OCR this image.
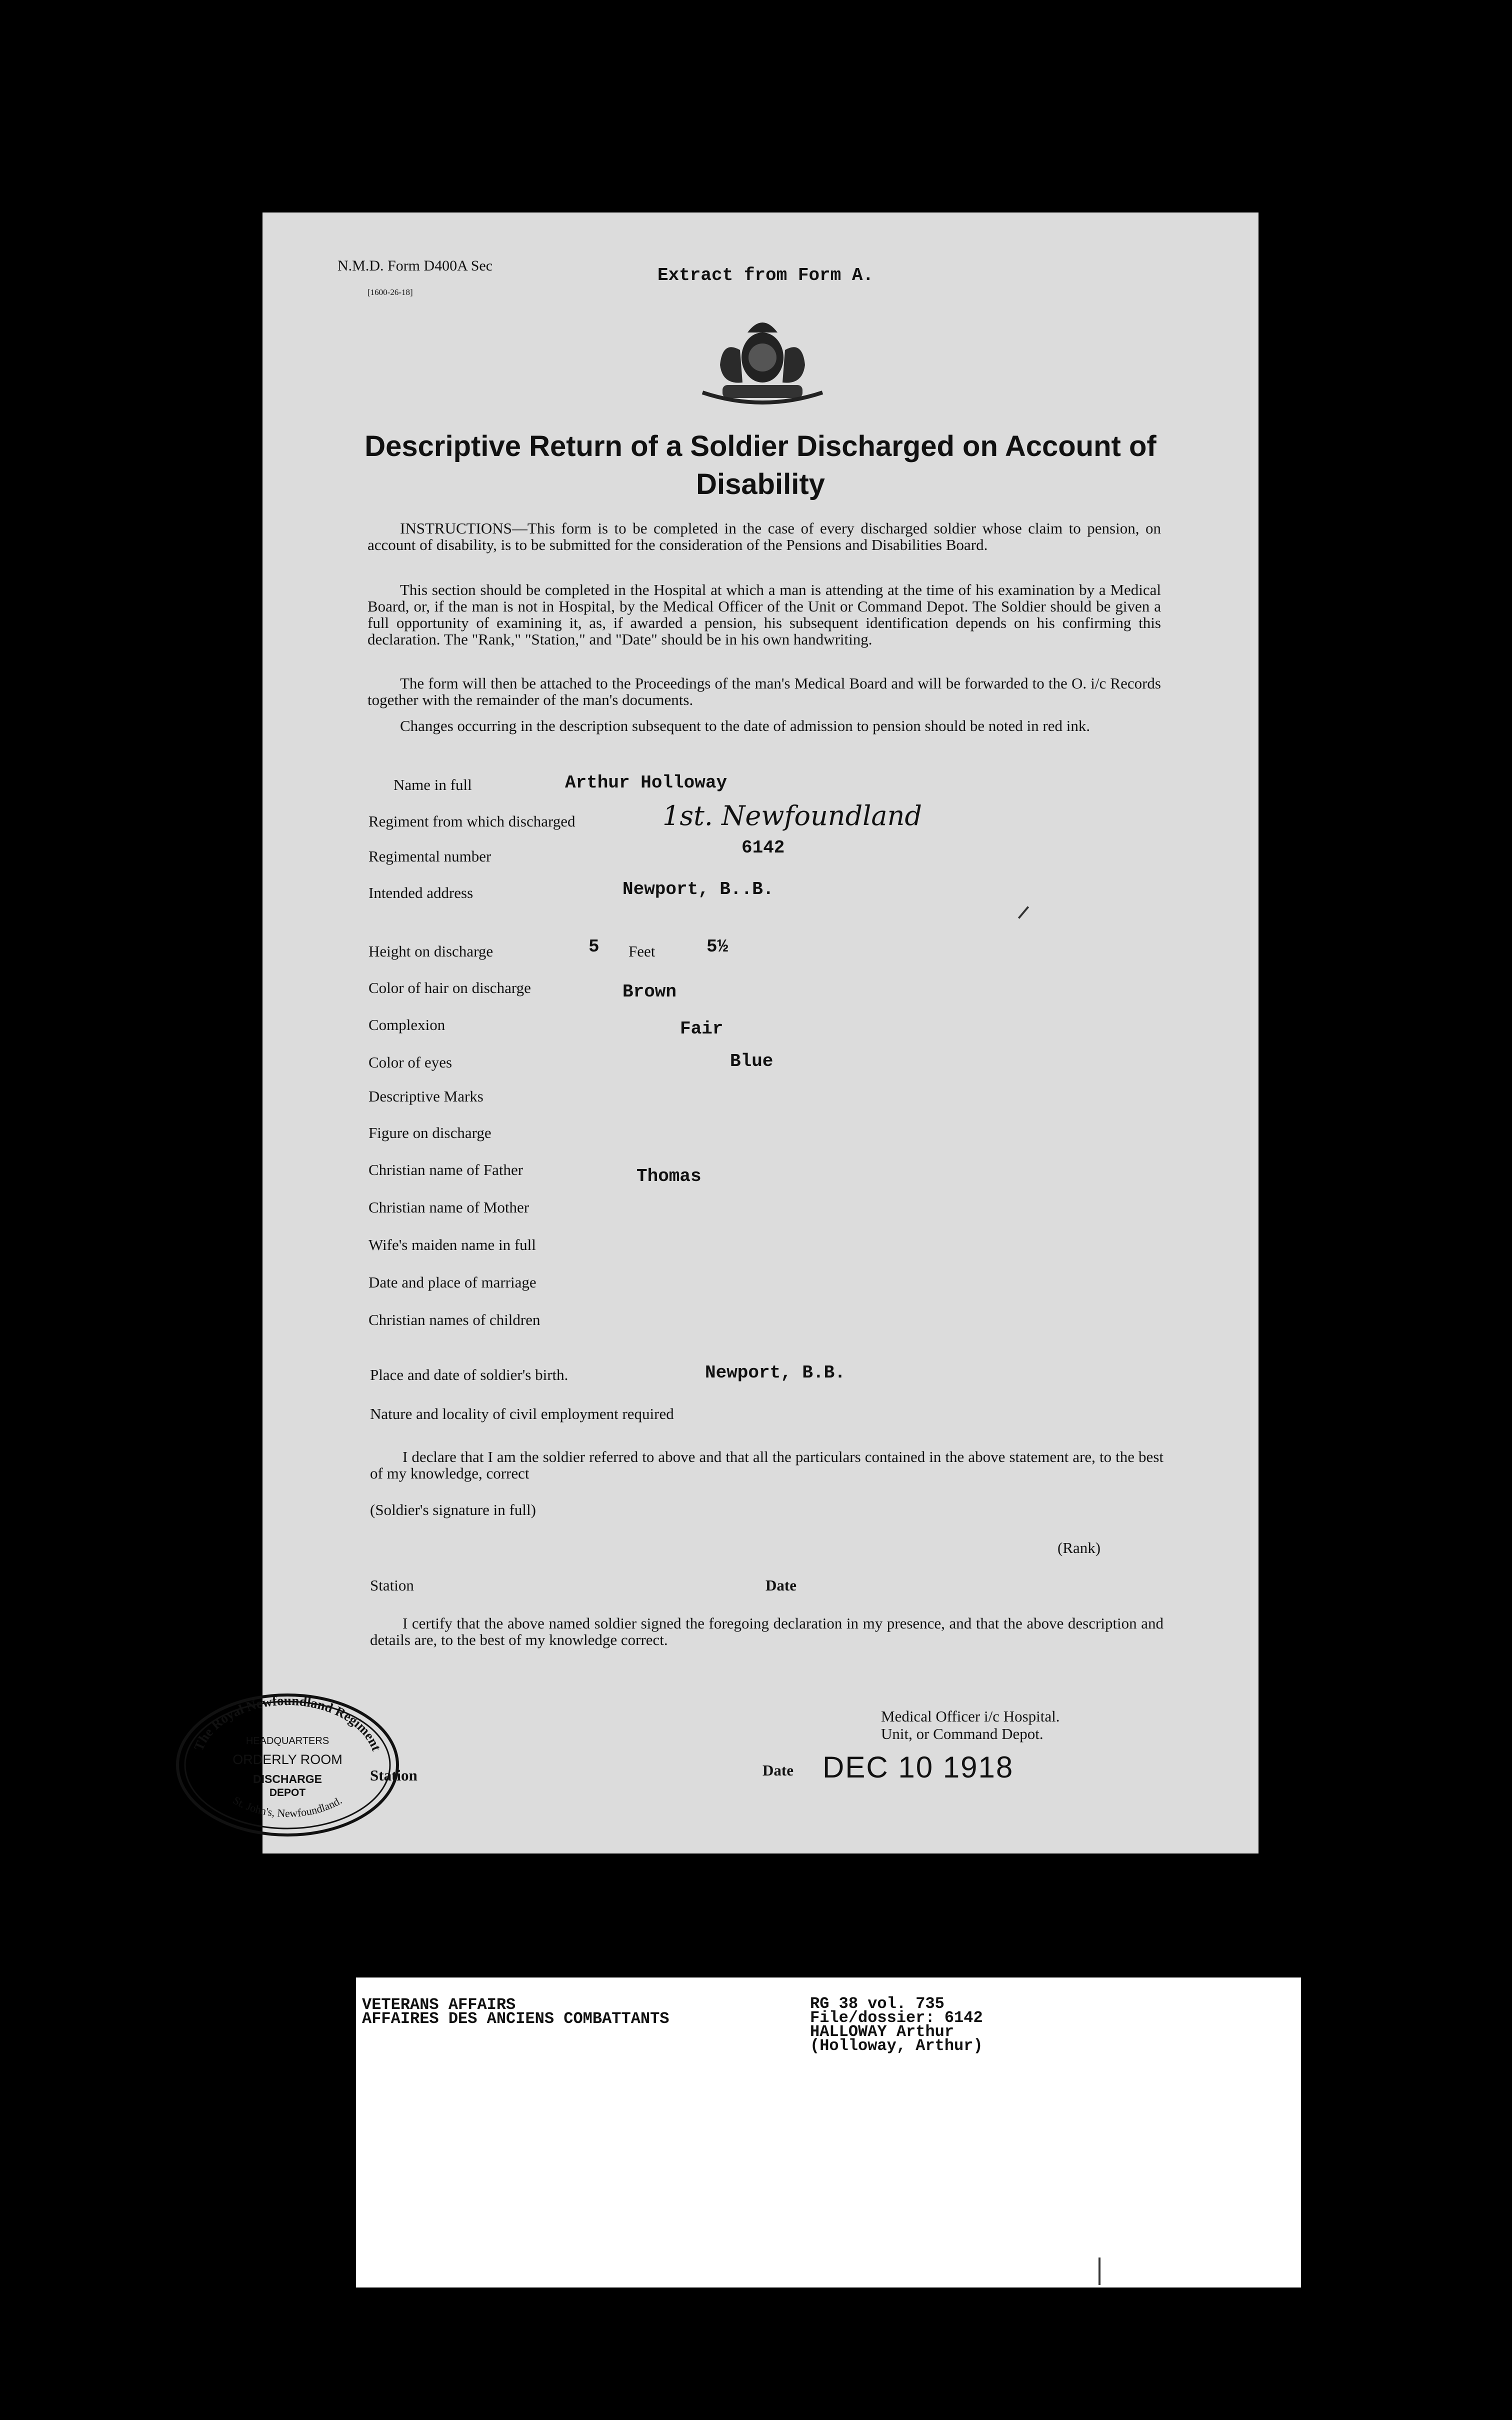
N.M.D. Form D400A Sec
[1600-26-18]
Extract from Form A.
Descriptive Return of a Soldier Discharged on Account of Disability
INSTRUCTIONS—This form is to be completed in the case of every discharged soldier whose claim to pension, on account of disability, is to be submitted for the consideration of the Pensions and Disabilities Board.
This section should be completed in the Hospital at which a man is attending at the time of his examination by a Medical Board, or, if the man is not in Hospital, by the Medical Officer of the Unit or Command Depot. The Soldier should be given a full opportunity of examining it, as, if awarded a pension, his subsequent identification depends on his confirming this declaration. The "Rank," "Station," and "Date" should be in his own handwriting.
The form will then be attached to the Proceedings of the man's Medical Board and will be forwarded to the O. i/c Records together with the remainder of the man's documents.
Changes occurring in the description subsequent to the date of admission to pension should be noted in red ink.
Name in full	Arthur Holloway
Regiment from which discharged	1st. Newfoundland
Regimental number	6142
Intended address	Newport, B..B.
Height on discharge	5 Feet	5½
Color of hair on discharge	Brown
Complexion	Fair
Color of eyes	Blue
Descriptive Marks
Figure on discharge
Christian name of Father	Thomas
Christian name of Mother
Wife's maiden name in full
Date and place of marriage
Christian names of children
Place and date of soldier's birth.	Newport, B.B.
Nature and locality of civil employment required
I declare that I am the soldier referred to above and that all the particulars contained in the above statement are, to the best of my knowledge, correct
(Soldier's signature in full)
(Rank)
Station	Date
I certify that the above named soldier signed the foregoing declaration in my presence, and that the above description and details are, to the best of my knowledge correct.
Medical Officer i/c Hospital.
Unit, or Command Depot.
Station	Date DEC 10 1918
The Royal Newfoundland Regiment
HEADQUARTERS
ORDERLY ROOM
DISCHARGE
DEPOT
St. John's, Newfoundland.
VETERANS AFFAIRS
AFFAIRES DES ANCIENS COMBATTANTS
RG 38 vol. 735
File/dossier: 6142
HALLOWAY Arthur
(Holloway, Arthur)
